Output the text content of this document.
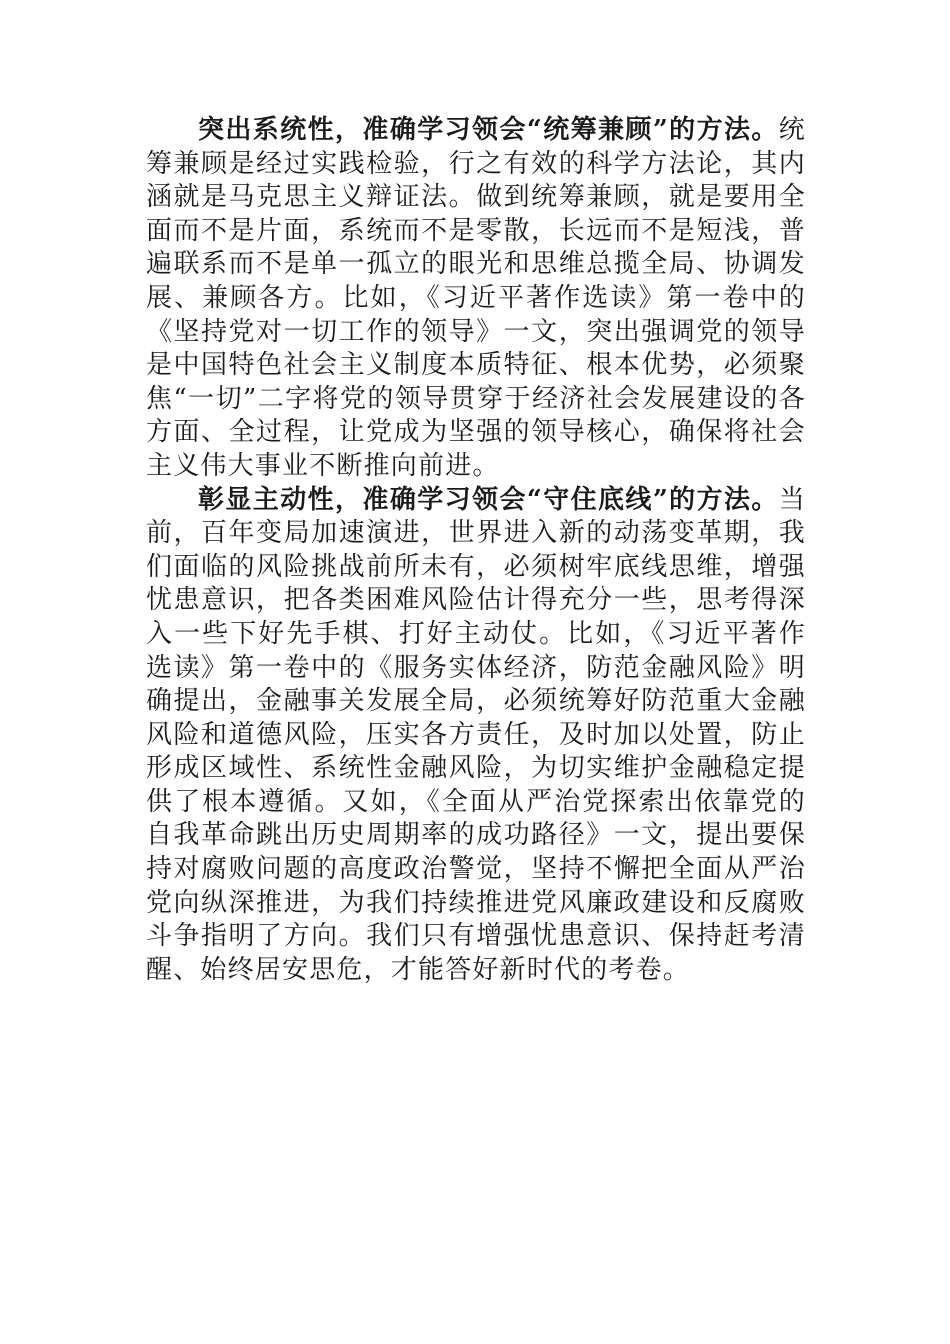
突出系统性，准确学习领会“统筹兼顾”的方法。统筹兼顾是经过实践检验，行之有效的科学方法论，其内涵就是马克思主义辩证法。做到统筹兼顾，就是要用全面而不是片面，系统而不是零散，长远而不是短浅，普遍联系而不是单一孤立的眼光和思维总揽全局、协调发展、兼顾各方。比如，《习近平著作选读》第一卷中的《坚持党对一切工作的领导》一文，突出强调党的领导是中国特色社会主义制度本质特征、根本优势，必须聚焦“一切”二字将党的领导贯穿于经济社会发展建设的各方面、全过程，让党成为坚强的领导核心，确保将社会主义伟大事业不断推向前进。

彰显主动性，准确学习领会“守住底线”的方法。当前，百年变局加速演进，世界进入新的动荡变革期，我们面临的风险挑战前所未有，必须树牢底线思维，增强忧患意识，把各类困难风险估计得充分一些，思考得深入一些下好先手棋、打好主动仗。比如，《习近平著作选读》第一卷中的《服务实体经济，防范金融风险》明确提出，金融事关发展全局，必须统筹好防范重大金融风险和道德风险，压实各方责任，及时加以处置，防止形成区域性、系统性金融风险，为切实维护金融稳定提供了根本遵循。又如，《全面从严治党探索出依靠党的自我革命跳出历史周期率的成功路径》一文，提出要保持对腐败问题的高度政治警觉，坚持不懈把全面从严治党向纵深推进，为我们持续推进党风廉政建设和反腐败斗争指明了方向。我们只有增强忧患意识、保持赶考清醒、始终居安思危，才能答好新时代的考卷。
